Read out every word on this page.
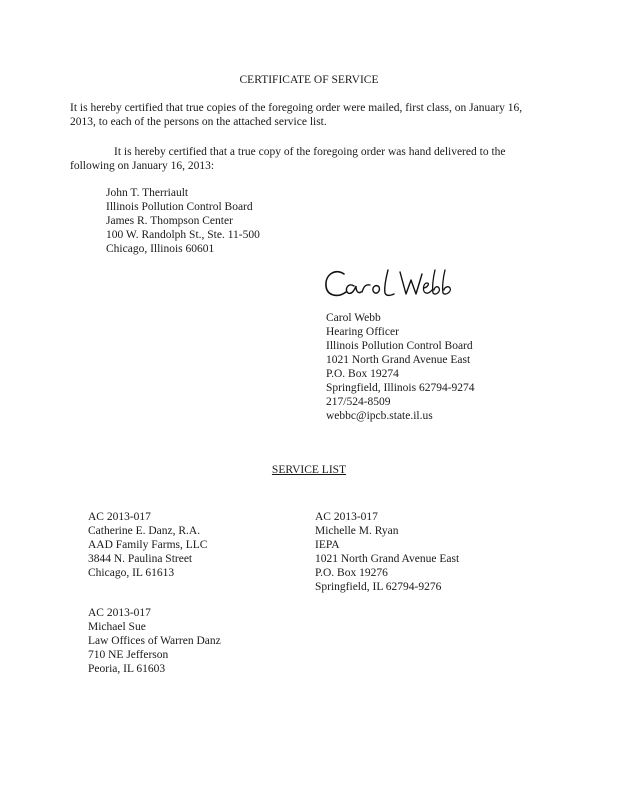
CERTIFICATE OF SERVICE
It is hereby certified that true copies of the foregoing order were mailed, first class, on January 16, 2013, to each of the persons on the attached service list.
It is hereby certified that a true copy of the foregoing order was hand delivered to the following on January 16, 2013:
John T. Therriault
Illinois Pollution Control Board
James R. Thompson Center
100 W. Randolph St., Ste. 11-500
Chicago, Illinois 60601
Carol Webb
Hearing Officer
Illinois Pollution Control Board
1021 North Grand Avenue East
P.O. Box 19274
Springfield, Illinois 62794-9274
217/524-8509
webbc@ipcb.state.il.us
SERVICE LIST
AC 2013-017
Catherine E. Danz, R.A.
AAD Family Farms, LLC
3844 N. Paulina Street
Chicago, IL 61613
AC 2013-017
Michelle M. Ryan
IEPA
1021 North Grand Avenue East
P.O. Box 19276
Springfield, IL 62794-9276
AC 2013-017
Michael Sue
Law Offices of Warren Danz
710 NE Jefferson
Peoria, IL 61603
